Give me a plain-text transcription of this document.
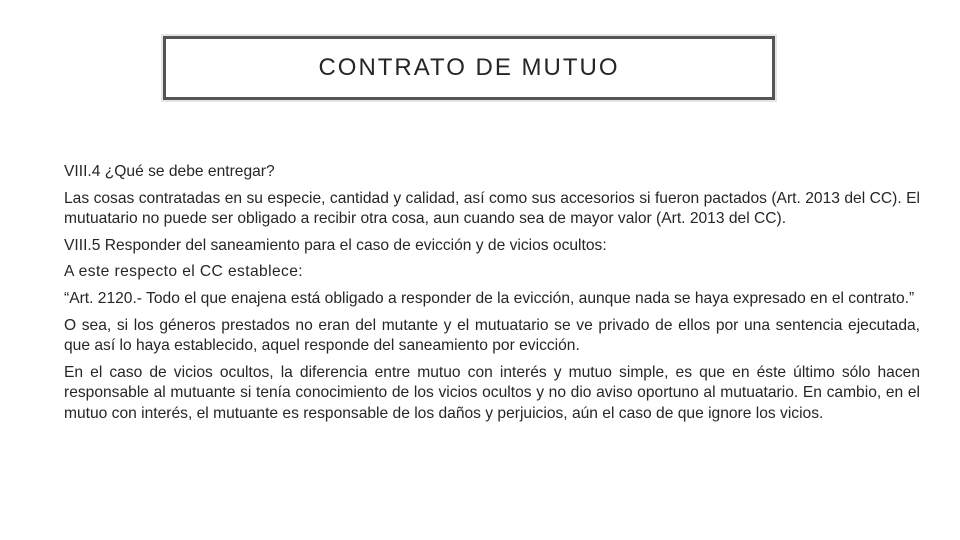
CONTRATO DE MUTUO

VIII.4 ¿Qué se debe entregar?

Las cosas contratadas en su especie, cantidad y calidad, así como sus accesorios si fueron pactados (Art. 2013 del CC). El mutuatario no puede ser obligado a recibir otra cosa, aun cuando sea de mayor valor (Art. 2013 del CC).

VIII.5 Responder del saneamiento para el caso de evicción y de vicios ocultos:

A este respecto el CC establece:

“Art. 2120.- Todo el que enajena está obligado a responder de la evicción, aunque nada se haya expresado en el contrato.”

O sea, si los géneros prestados no eran del mutante y el mutuatario se ve privado de ellos por una sentencia ejecutada, que así lo haya establecido, aquel responde del saneamiento por evicción.

En el caso de vicios ocultos, la diferencia entre mutuo con interés y mutuo simple, es que en éste último sólo hacen responsable al mutuante si tenía conocimiento de los vicios ocultos y no dio aviso oportuno al mutuatario. En cambio, en el mutuo con interés, el mutuante es responsable de los daños y perjuicios, aún el caso de que ignore los vicios.
